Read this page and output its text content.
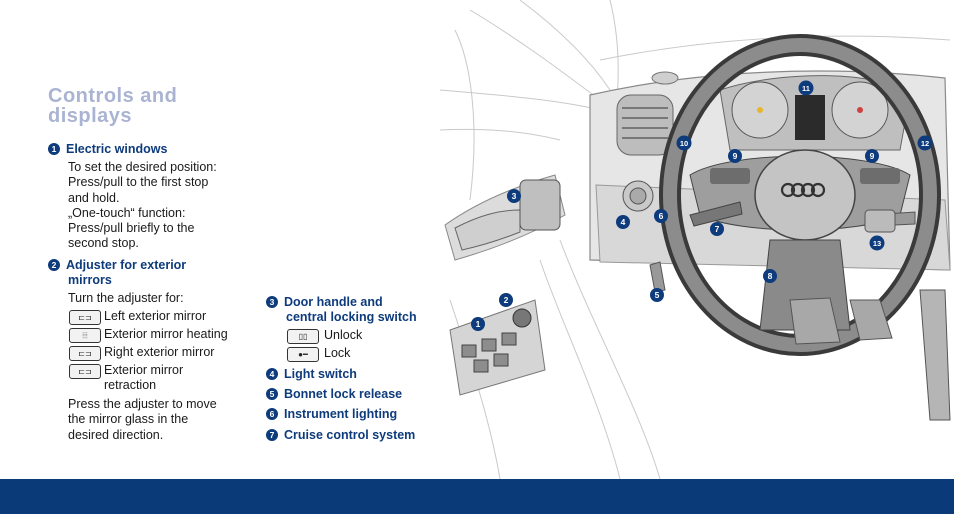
Controls and displays
1 Electric windows
To set the desired position:
Press/pull to the first stop
and hold.
„One-touch“ function:
Press/pull briefly to the
second stop.
2 Adjuster for exterior
mirrors
Turn the adjuster for:
⊏⊐ Left exterior mirror
⦙⦙⦙	Exterior mirror heating
⊏⊐ Right exterior mirror
⊏⊐ Exterior mirror
retraction
Press the adjuster to move
the mirror glass in the
desired direction.
3 Door handle and
central locking switch
▯▯	Unlock
●━	Lock
4 Light switch
5 Bonnet lock release
6 Instrument lighting
7 Cruise control system
1
2
3
4
5
6
7
8
9	9
10
11
12
13
